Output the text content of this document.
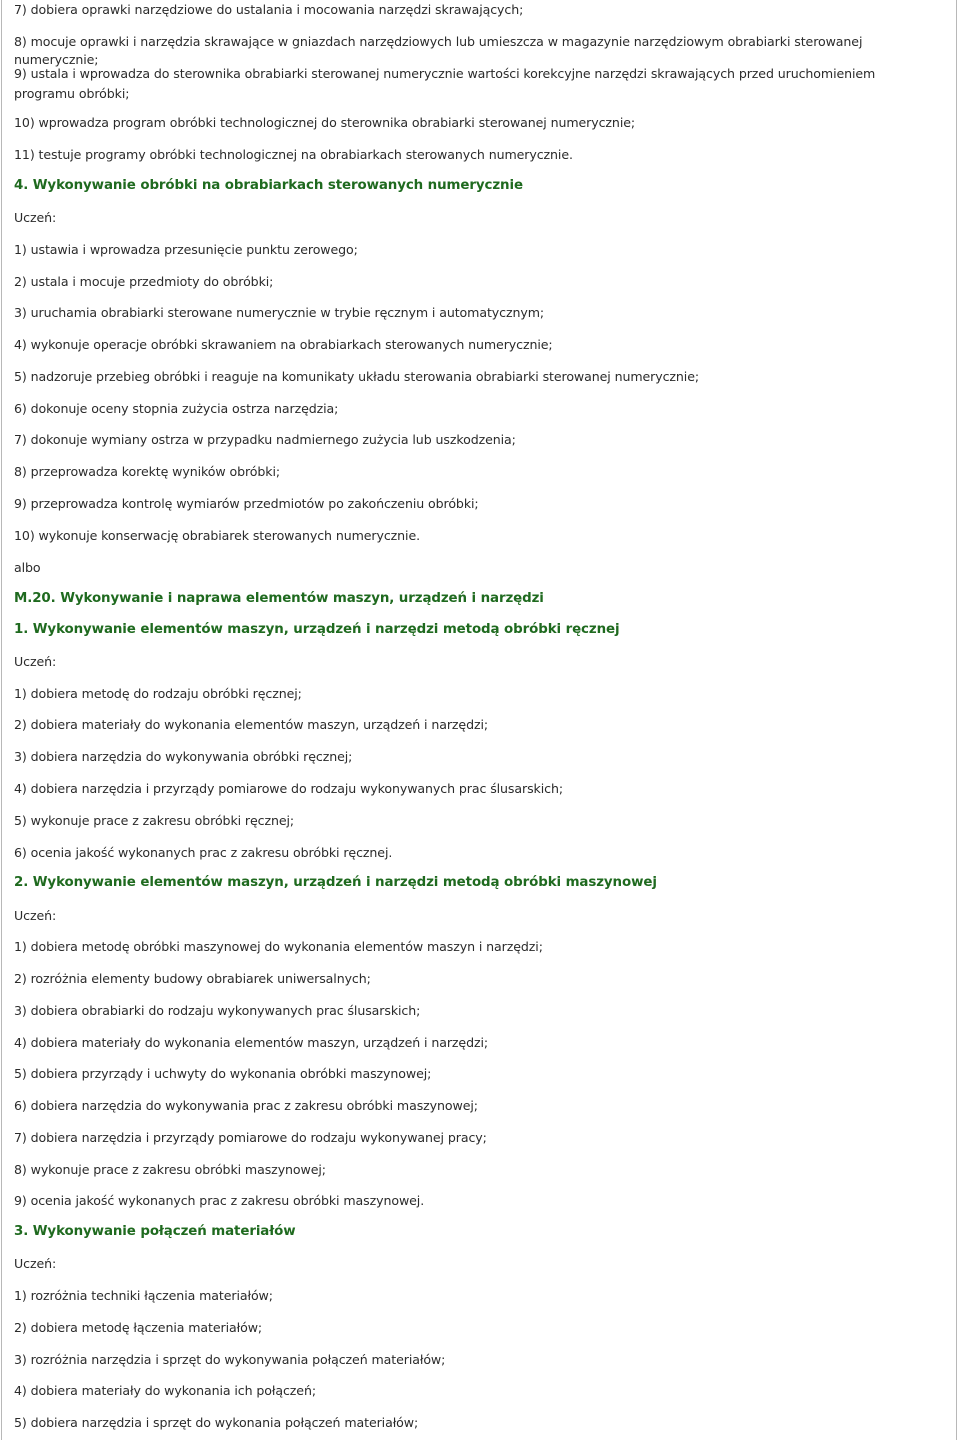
7) dobiera oprawki narzędziowe do ustalania i mocowania narzędzi skrawających;

8) mocuje oprawki i narzędzia skrawające w gniazdach narzędziowych lub umieszcza w magazynie narzędziowym obrabiarki sterowanej numerycznie;

9) ustala i wprowadza do sterownika obrabiarki sterowanej numerycznie wartości korekcyjne narzędzi skrawających przed uruchomieniem programu obróbki;

10) wprowadza program obróbki technologicznej do sterownika obrabiarki sterowanej numerycznie;

11) testuje programy obróbki technologicznej na obrabiarkach sterowanych numerycznie.

4. Wykonywanie obróbki na obrabiarkach sterowanych numerycznie

Uczeń:

1) ustawia i wprowadza przesunięcie punktu zerowego;

2) ustala i mocuje przedmioty do obróbki;

3) uruchamia obrabiarki sterowane numerycznie w trybie ręcznym i automatycznym;

4) wykonuje operacje obróbki skrawaniem na obrabiarkach sterowanych numerycznie;

5) nadzoruje przebieg obróbki i reaguje na komunikaty układu sterowania obrabiarki sterowanej numerycznie;

6) dokonuje oceny stopnia zużycia ostrza narzędzia;

7) dokonuje wymiany ostrza w przypadku nadmiernego zużycia lub uszkodzenia;

8) przeprowadza korektę wyników obróbki;

9) przeprowadza kontrolę wymiarów przedmiotów po zakończeniu obróbki;

10) wykonuje konserwację obrabiarek sterowanych numerycznie.

albo

M.20. Wykonywanie i naprawa elementów maszyn, urządzeń i narzędzi

1. Wykonywanie elementów maszyn, urządzeń i narzędzi metodą obróbki ręcznej

Uczeń:

1) dobiera metodę do rodzaju obróbki ręcznej;

2) dobiera materiały do wykonania elementów maszyn, urządzeń i narzędzi;

3) dobiera narzędzia do wykonywania obróbki ręcznej;

4) dobiera narzędzia i przyrządy pomiarowe do rodzaju wykonywanych prac ślusarskich;

5) wykonuje prace z zakresu obróbki ręcznej;

6) ocenia jakość wykonanych prac z zakresu obróbki ręcznej.

2. Wykonywanie elementów maszyn, urządzeń i narzędzi metodą obróbki maszynowej

Uczeń:

1) dobiera metodę obróbki maszynowej do wykonania elementów maszyn i narzędzi;

2) rozróżnia elementy budowy obrabiarek uniwersalnych;

3) dobiera obrabiarki do rodzaju wykonywanych prac ślusarskich;

4) dobiera materiały do wykonania elementów maszyn, urządzeń i narzędzi;

5) dobiera przyrządy i uchwyty do wykonania obróbki maszynowej;

6) dobiera narzędzia do wykonywania prac z zakresu obróbki maszynowej;

7) dobiera narzędzia i przyrządy pomiarowe do rodzaju wykonywanej pracy;

8) wykonuje prace z zakresu obróbki maszynowej;

9) ocenia jakość wykonanych prac z zakresu obróbki maszynowej.

3. Wykonywanie połączeń materiałów

Uczeń:

1) rozróżnia techniki łączenia materiałów;

2) dobiera metodę łączenia materiałów;

3) rozróżnia narzędzia i sprzęt do wykonywania połączeń materiałów;

4) dobiera materiały do wykonania ich połączeń;

5) dobiera narzędzia i sprzęt do wykonania połączeń materiałów;
